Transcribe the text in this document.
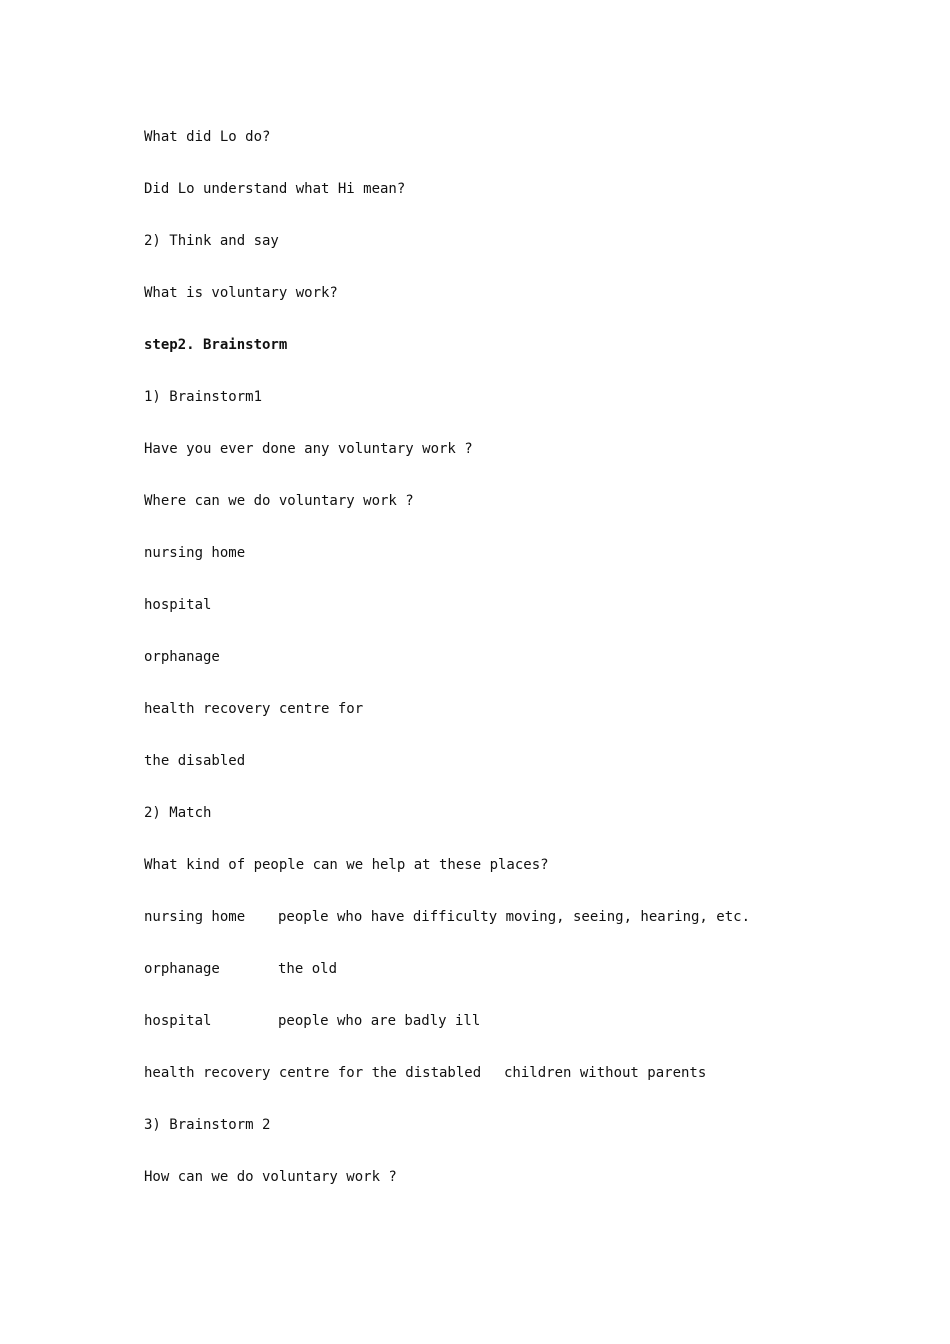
What did Lo do?

Did Lo understand what Hi mean?

2) Think and say

What is voluntary work?

step2. Brainstorm

1) Brainstorm1

Have you ever done any voluntary work ?

Where can we do voluntary work ?

nursing home

hospital

orphanage

health recovery centre for

the disabled

2) Match

What kind of people can we help at these places?

nursing home people who have difficulty moving, seeing, hearing, etc.
orphanage	the old
hospital	people who are badly ill
health recovery centre for the distabled children without parents

3) Brainstorm 2

How can we do voluntary work ?
